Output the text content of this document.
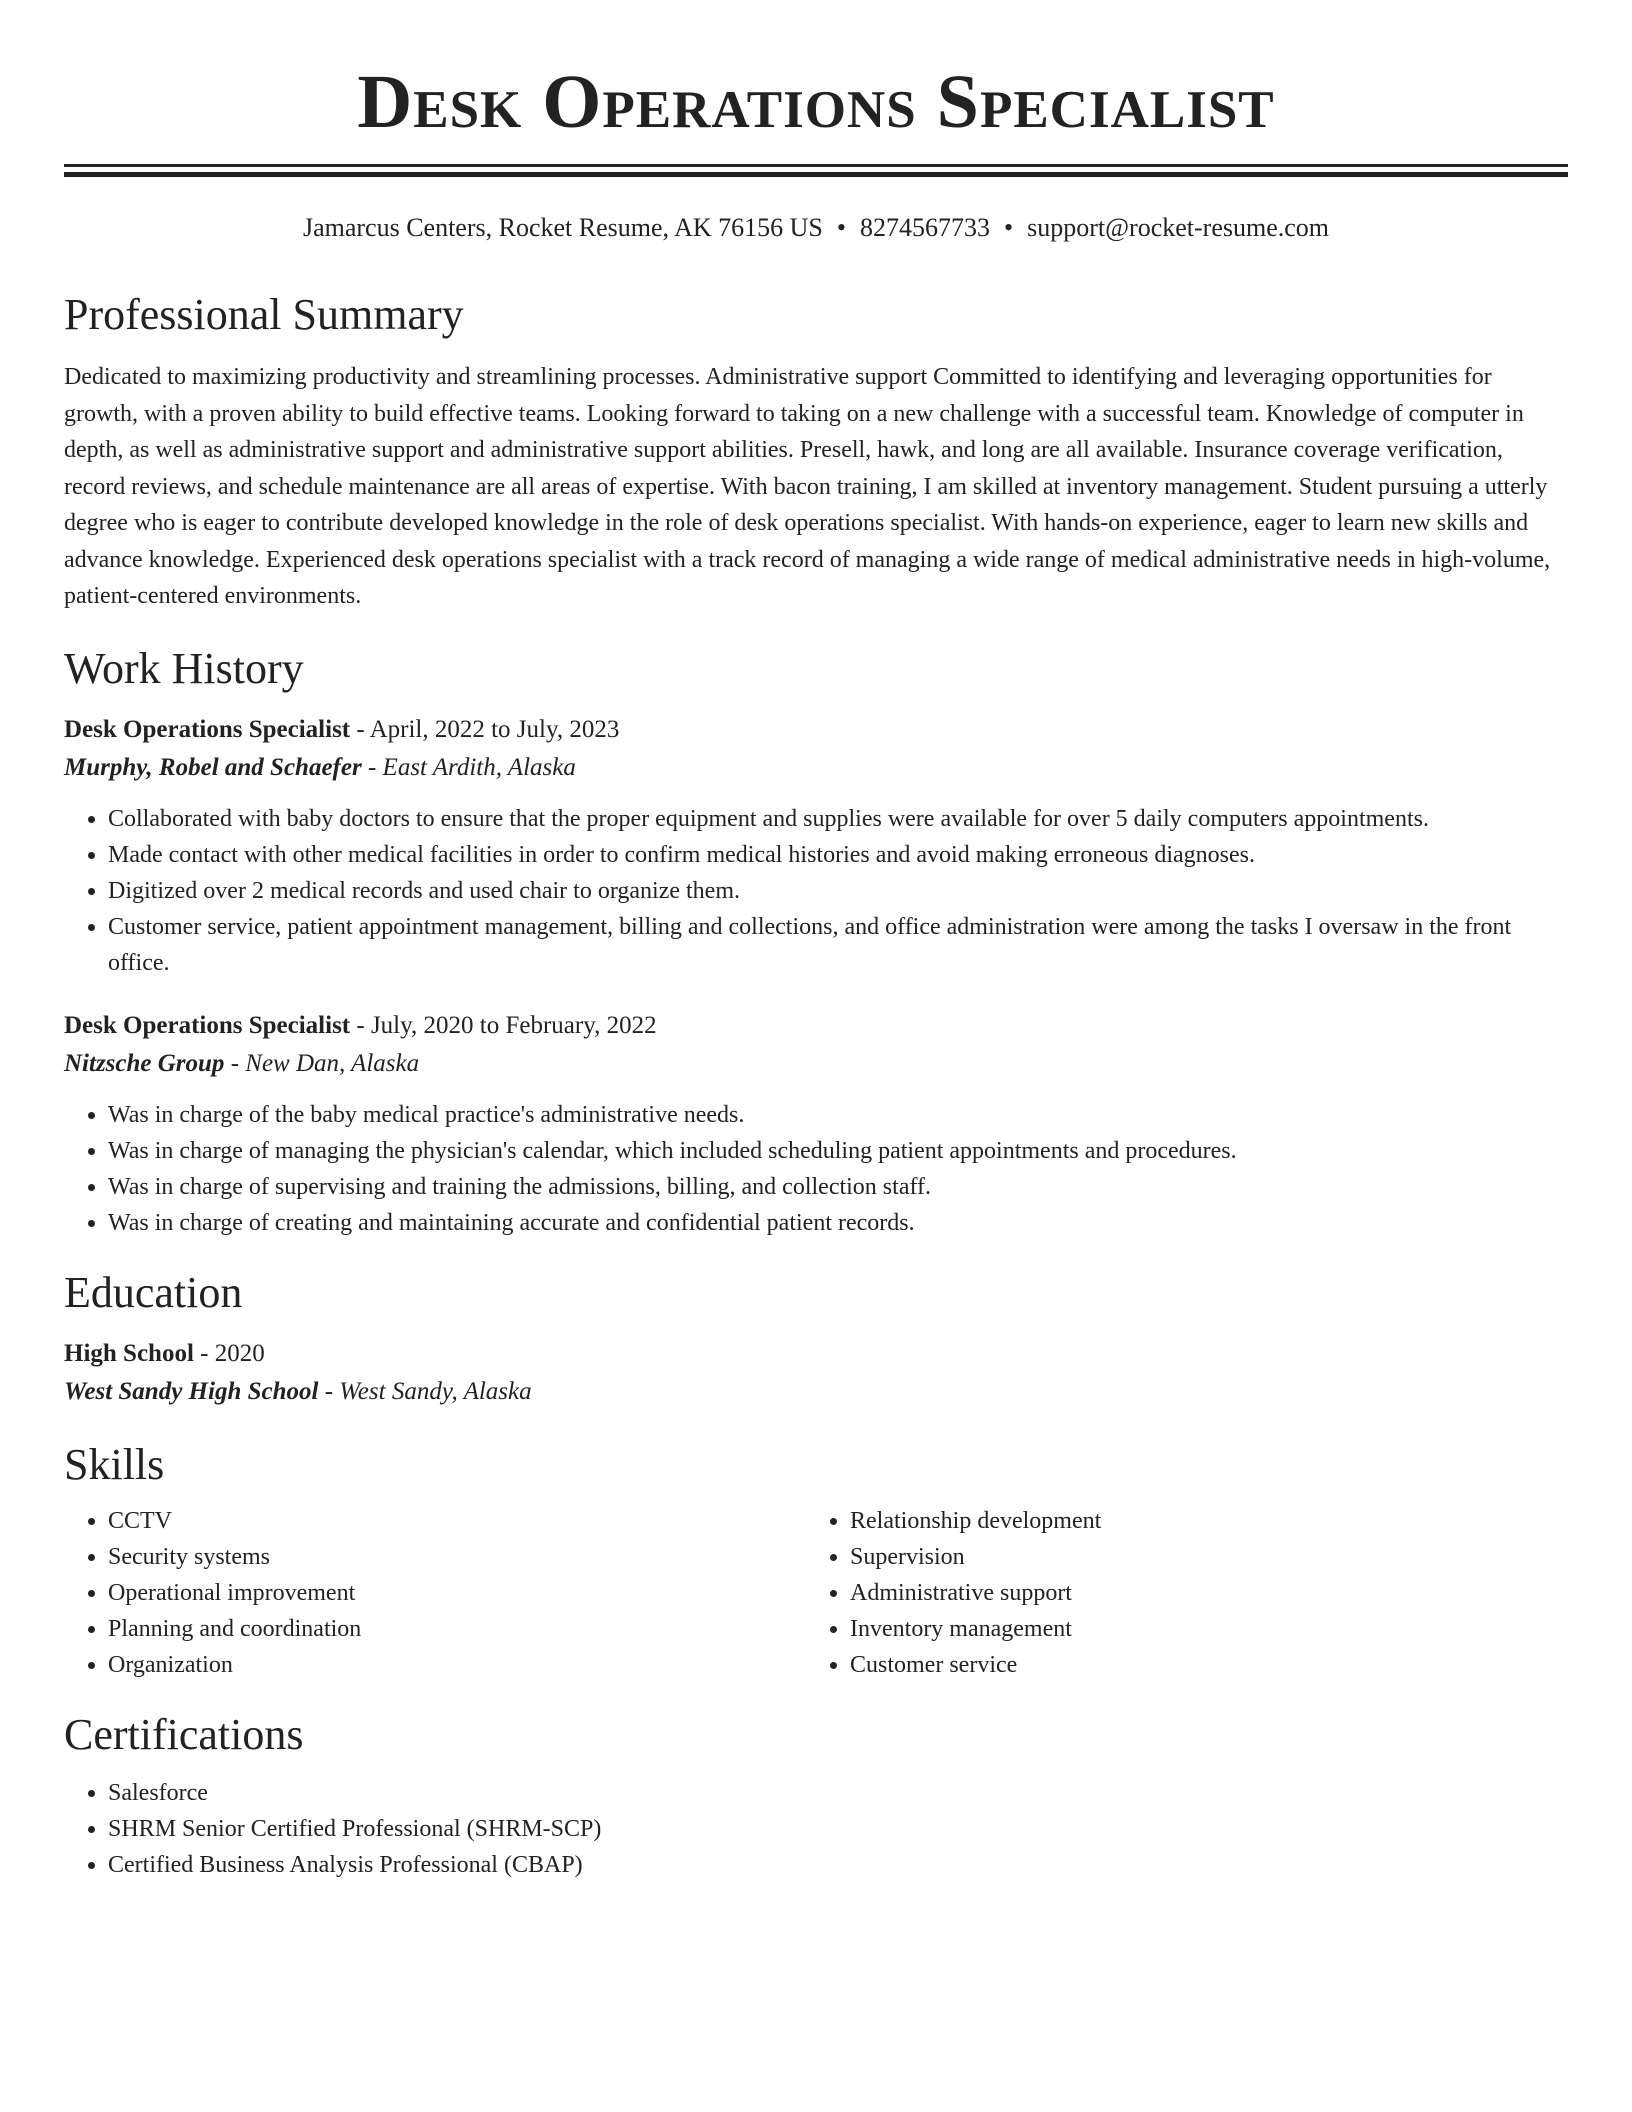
Desk Operations Specialist
Jamarcus Centers, Rocket Resume, AK 76156 US • 8274567733 • support@rocket-resume.com
Professional Summary
Dedicated to maximizing productivity and streamlining processes. Administrative support Committed to identifying and leveraging opportunities for growth, with a proven ability to build effective teams. Looking forward to taking on a new challenge with a successful team. Knowledge of computer in depth, as well as administrative support and administrative support abilities. Presell, hawk, and long are all available. Insurance coverage verification, record reviews, and schedule maintenance are all areas of expertise. With bacon training, I am skilled at inventory management. Student pursuing a utterly degree who is eager to contribute developed knowledge in the role of desk operations specialist. With hands-on experience, eager to learn new skills and advance knowledge. Experienced desk operations specialist with a track record of managing a wide range of medical administrative needs in high-volume, patient-centered environments.
Work History
Desk Operations Specialist - April, 2022 to July, 2023
Murphy, Robel and Schaefer - East Ardith, Alaska
• Collaborated with baby doctors to ensure that the proper equipment and supplies were available for over 5 daily computers appointments.
• Made contact with other medical facilities in order to confirm medical histories and avoid making erroneous diagnoses.
• Digitized over 2 medical records and used chair to organize them.
• Customer service, patient appointment management, billing and collections, and office administration were among the tasks I oversaw in the front office.
Desk Operations Specialist - July, 2020 to February, 2022
Nitzsche Group - New Dan, Alaska
• Was in charge of the baby medical practice's administrative needs.
• Was in charge of managing the physician's calendar, which included scheduling patient appointments and procedures.
• Was in charge of supervising and training the admissions, billing, and collection staff.
• Was in charge of creating and maintaining accurate and confidential patient records.
Education
High School - 2020
West Sandy High School - West Sandy, Alaska
Skills
• CCTV
• Security systems
• Operational improvement
• Planning and coordination
• Organization
• Relationship development
• Supervision
• Administrative support
• Inventory management
• Customer service
Certifications
• Salesforce
• SHRM Senior Certified Professional (SHRM-SCP)
• Certified Business Analysis Professional (CBAP)
